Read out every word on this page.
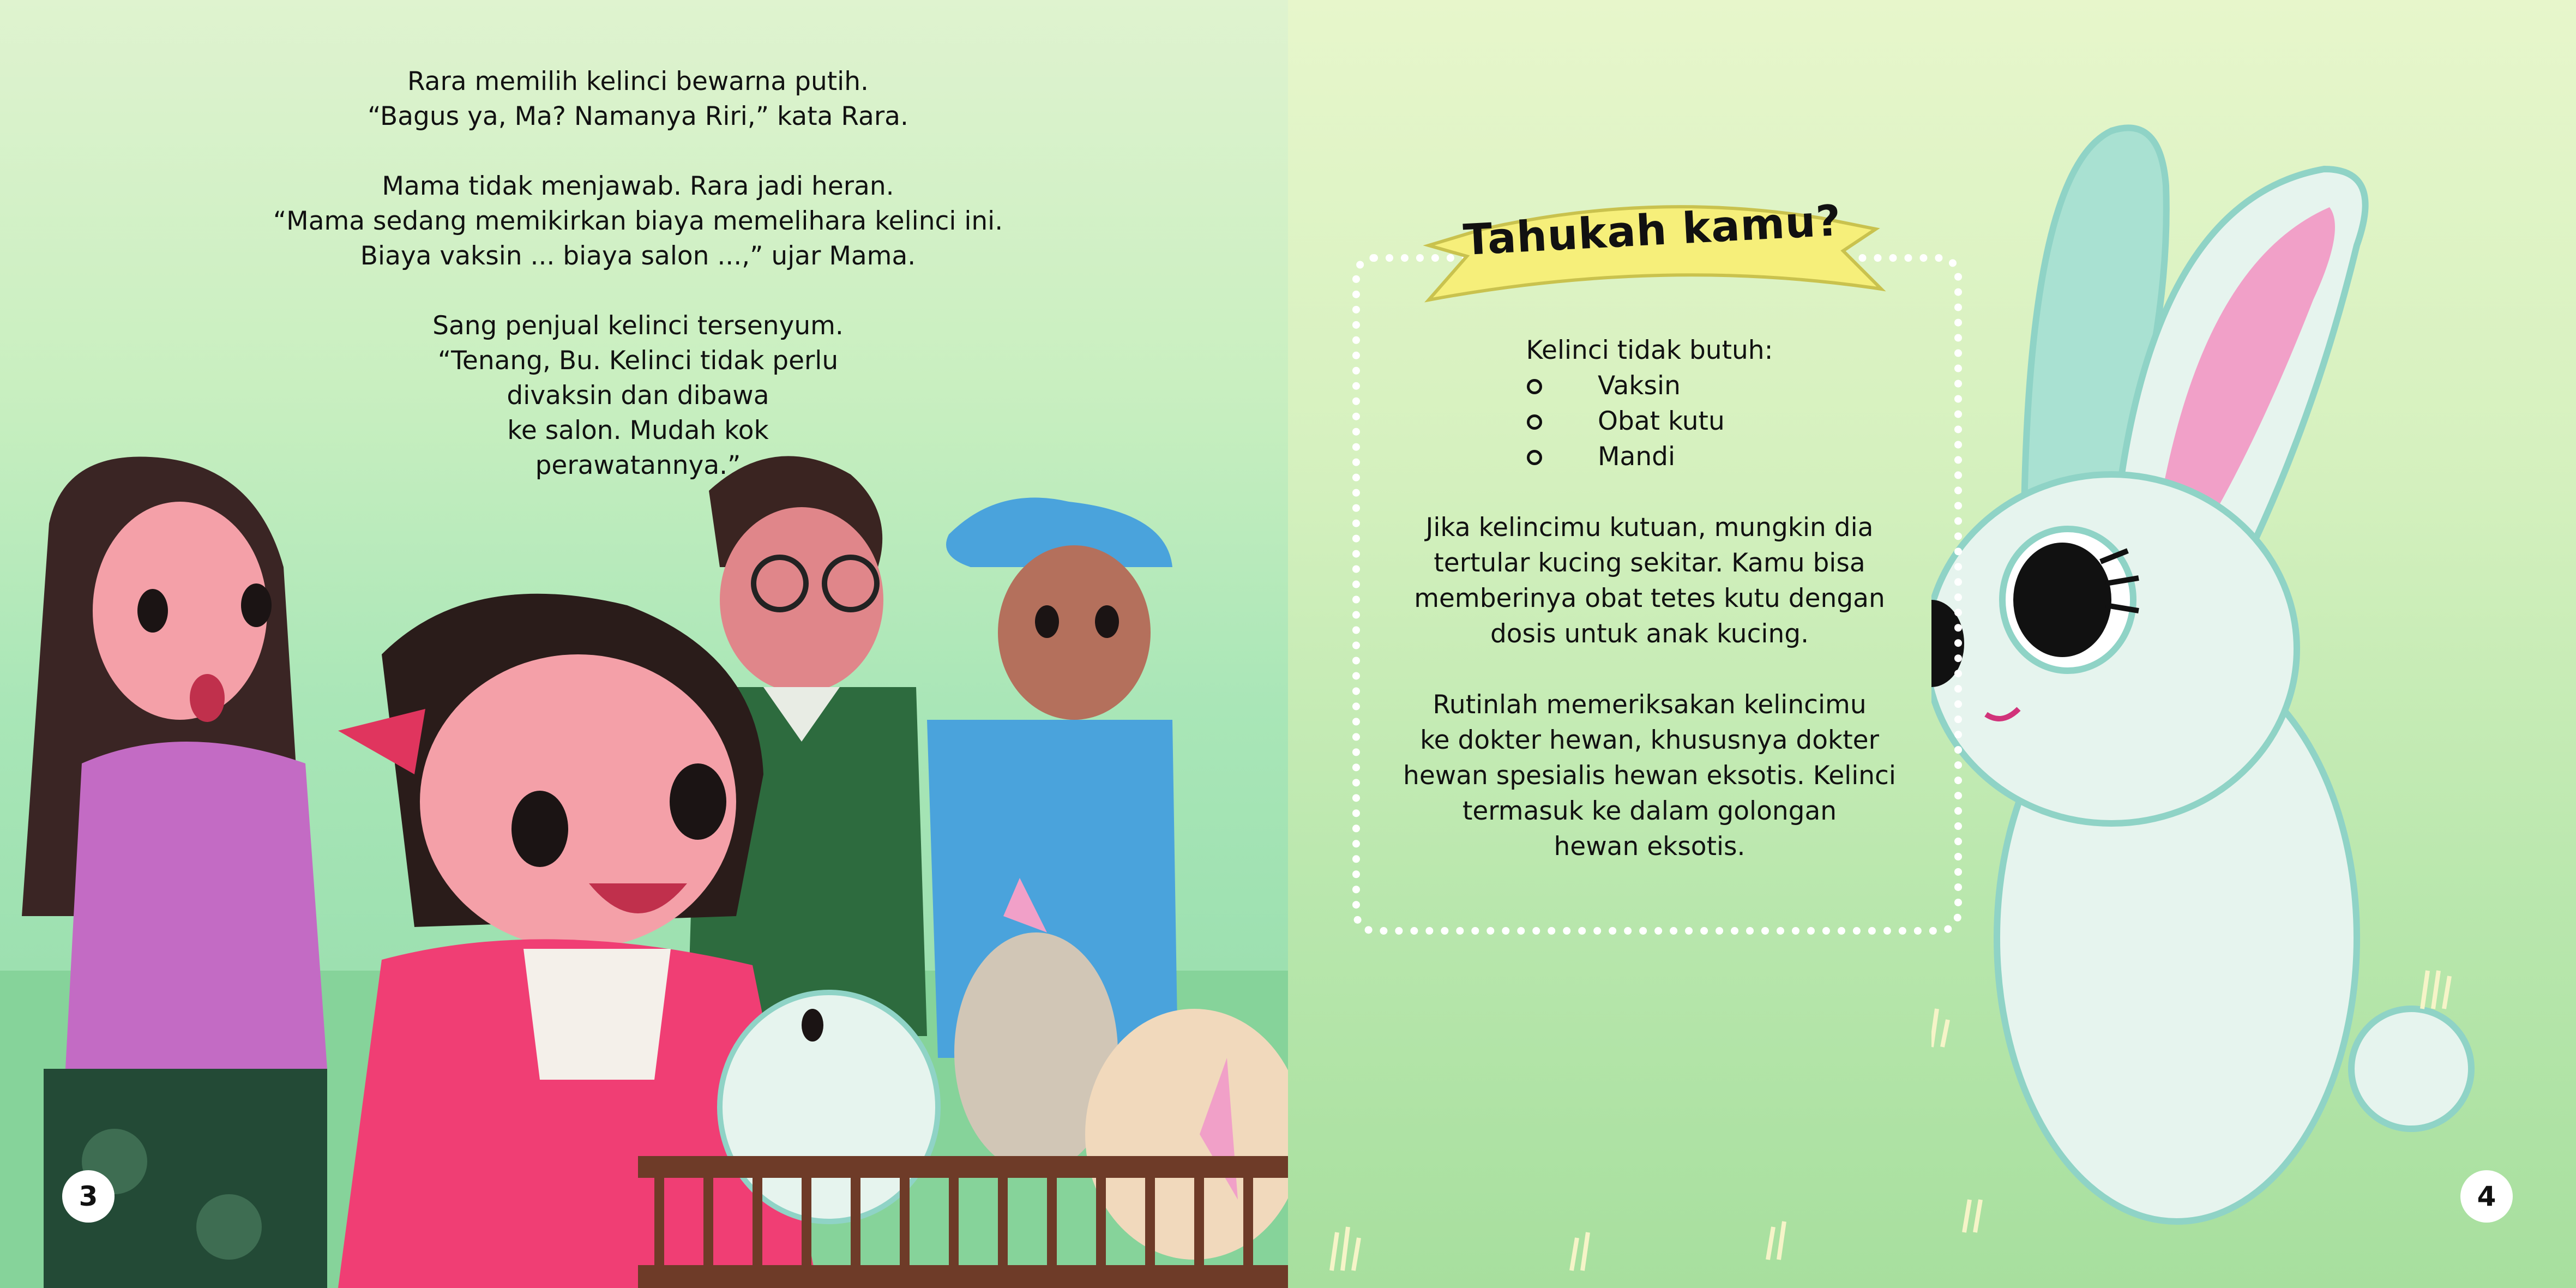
Rara memilih kelinci bewarna putih.
“Bagus ya, Ma? Namanya Riri,” kata Rara.

Mama tidak menjawab. Rara jadi heran.
“Mama sedang memikirkan biaya memelihara kelinci ini.
Biaya vaksin ... biaya salon ...,” ujar Mama.

Sang penjual kelinci tersenyum.
“Tenang, Bu. Kelinci tidak perlu
divaksin dan dibawa
ke salon. Mudah kok
perawatannya.”

3	4
Tahukah kamu?

Kelinci tidak butuh:

Vaksin
Obat kutu
Mandi

Jika kelincimu kutuan, mungkin dia
tertular kucing sekitar. Kamu bisa
memberinya obat tetes kutu dengan
dosis untuk anak kucing.

Rutinlah memeriksakan kelincimu
ke dokter hewan, khususnya dokter
hewan spesialis hewan eksotis. Kelinci
termasuk ke dalam golongan
hewan eksotis.
